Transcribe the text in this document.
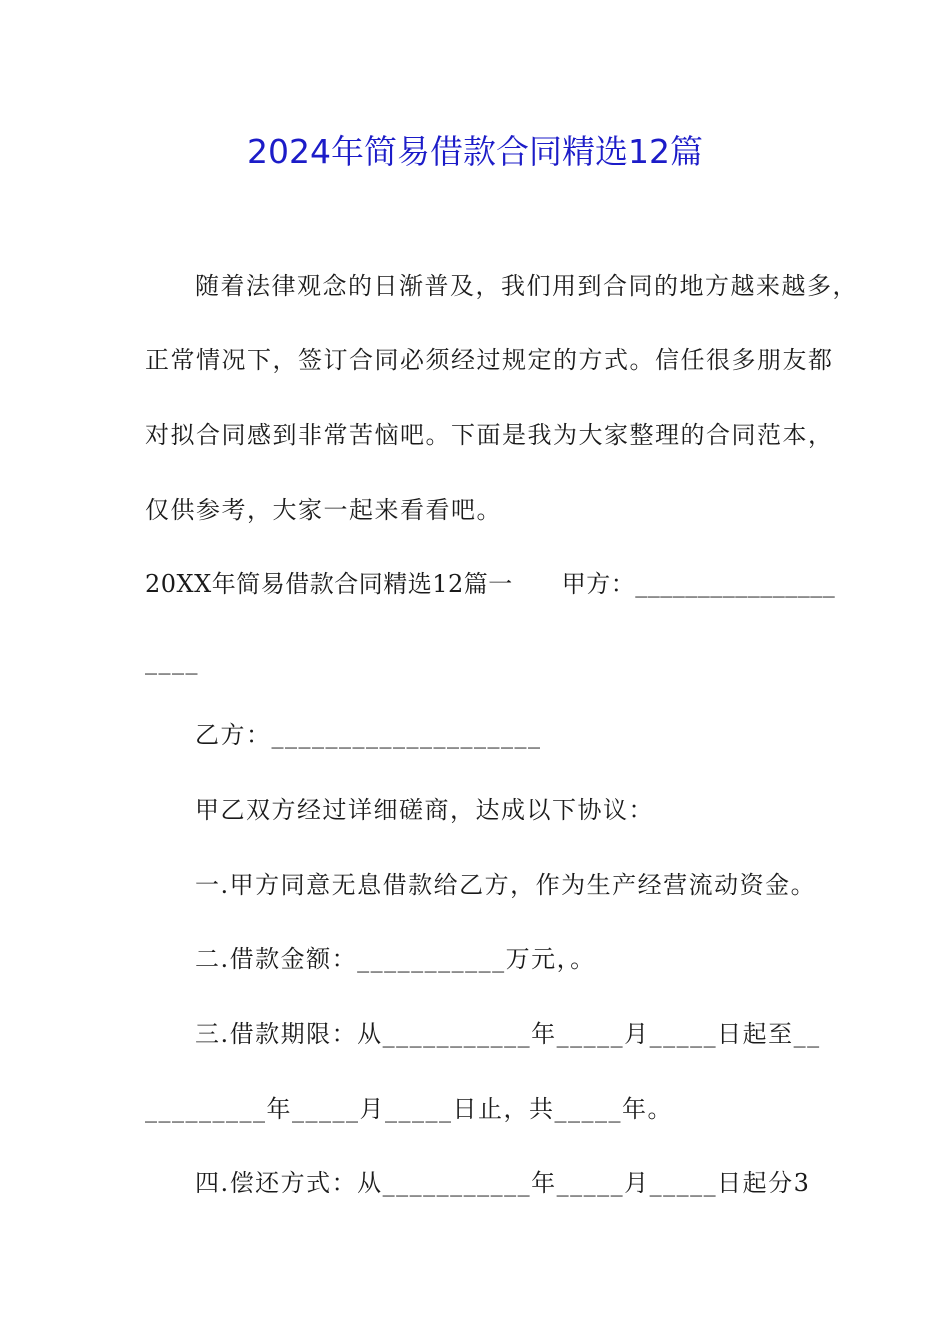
2024年简易借款合同精选12篇
随着法律观念的日渐普及，我们用到合同的地方越来越多，
正常情况下，签订合同必须经过规定的方式。信任很多朋友都
对拟合同感到非常苦恼吧。下面是我为大家整理的合同范本，
仅供参考，大家一起来看看吧。
20XX年简易借款合同精选12篇一　　甲方：________________
____
乙方：____________________
甲乙双方经过详细磋商，达成以下协议：
一.甲方同意无息借款给乙方，作为生产经营流动资金。
二.借款金额：___________万元，。
三.借款期限：从___________年_____月_____日起至__
_________年_____月_____日止，共_____年。
四.偿还方式：从___________年_____月_____日起分3
